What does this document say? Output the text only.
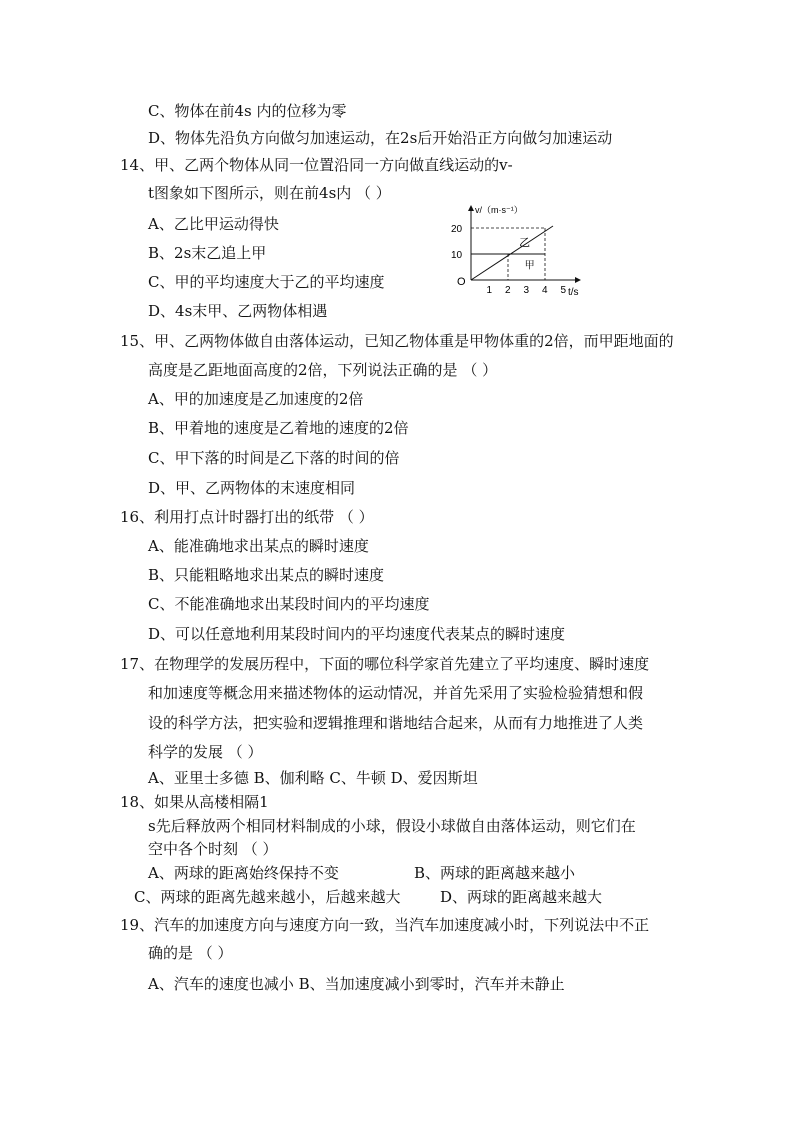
C、物体在前4s 内的位移为零
D、物体先沿负方向做匀加速运动，在2s后开始沿正方向做匀加速运动
14、甲、乙两个物体从同一位置沿同一方向做直线运动的v-
t图象如下图所示，则在前4s内 （ ）
A、乙比甲运动得快
B、2s末乙追上甲
C、甲的平均速度大于乙的平均速度
D、4s末甲、乙两物体相遇
乙
甲
1 2 3 4 5
10
20
O
t/s
v/（m·s⁻¹）
15、甲、乙两物体做自由落体运动，已知乙物体重是甲物体重的2倍，而甲距地面的
高度是乙距地面高度的2倍，下列说法正确的是 （ ）
A、甲的加速度是乙加速度的2倍
B、甲着地的速度是乙着地的速度的2倍
C、甲下落的时间是乙下落的时间的倍
D、甲、乙两物体的末速度相同
16、利用打点计时器打出的纸带 （ ）
A、能准确地求出某点的瞬时速度
B、只能粗略地求出某点的瞬时速度
C、不能准确地求出某段时间内的平均速度
D、可以任意地利用某段时间内的平均速度代表某点的瞬时速度
17、在物理学的发展历程中，下面的哪位科学家首先建立了平均速度、瞬时速度
和加速度等概念用来描述物体的运动情况，并首先采用了实验检验猜想和假
设的科学方法，把实验和逻辑推理和谐地结合起来，从而有力地推进了人类
科学的发展 （ ）
A、亚里士多德 B、伽利略 C、牛顿 D、爱因斯坦
18、如果从高楼相隔1
s先后释放两个相同材料制成的小球，假设小球做自由落体运动，则它们在
空中各个时刻 （ ）
A、两球的距离始终保持不变	B、两球的距离越来越小
C、两球的距离先越来越小，后越来越大	D、两球的距离越来越大
19、汽车的加速度方向与速度方向一致，当汽车加速度减小时，下列说法中不正
确的是 （ ）
A、汽车的速度也减小 B、当加速度减小到零时，汽车并未静止
